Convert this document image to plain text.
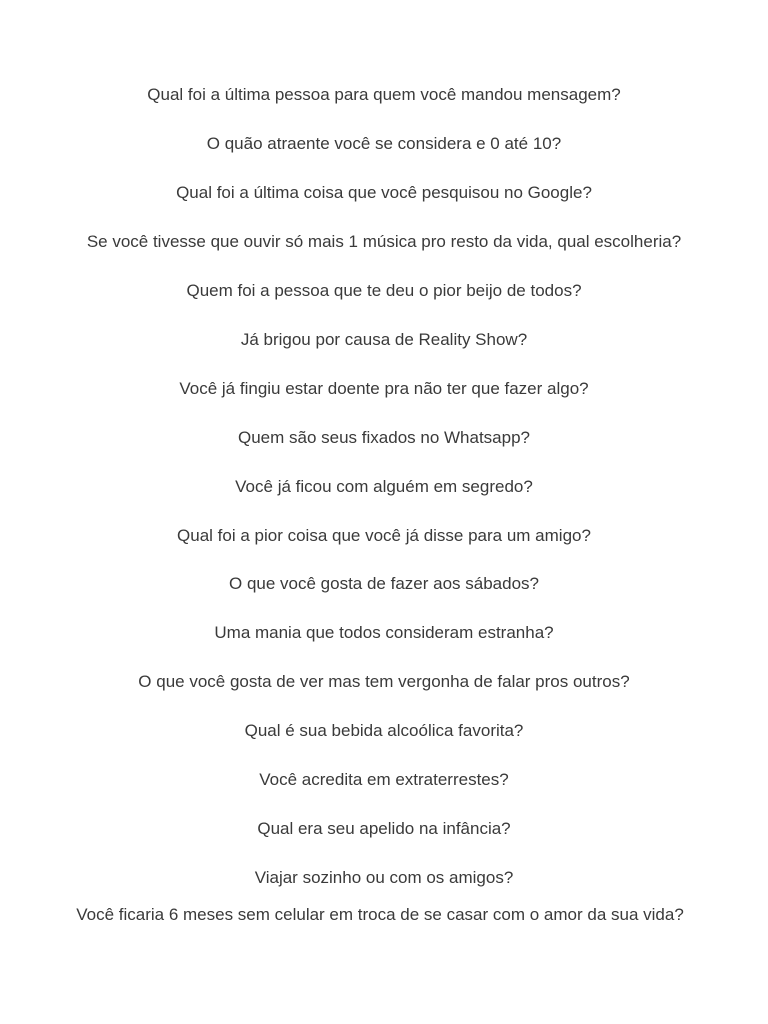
Qual foi a última pessoa para quem você mandou mensagem?

O quão atraente você se considera e 0 até 10?

Qual foi a última coisa que você pesquisou no Google?

Se você tivesse que ouvir só mais 1 música pro resto da vida, qual escolheria?

Quem foi a pessoa que te deu o pior beijo de todos?

Já brigou por causa de Reality Show?

Você já fingiu estar doente pra não ter que fazer algo?

Quem são seus fixados no Whatsapp?

Você já ficou com alguém em segredo?

Qual foi a pior coisa que você já disse para um amigo?

O que você gosta de fazer aos sábados?

Uma mania que todos consideram estranha?

O que você gosta de ver mas tem vergonha de falar pros outros?

Qual é sua bebida alcoólica favorita?

Você acredita em extraterrestes?

Qual era seu apelido na infância?

Viajar sozinho ou com os amigos?

Você ficaria 6 meses sem celular em troca de se casar com o amor da sua vida?
